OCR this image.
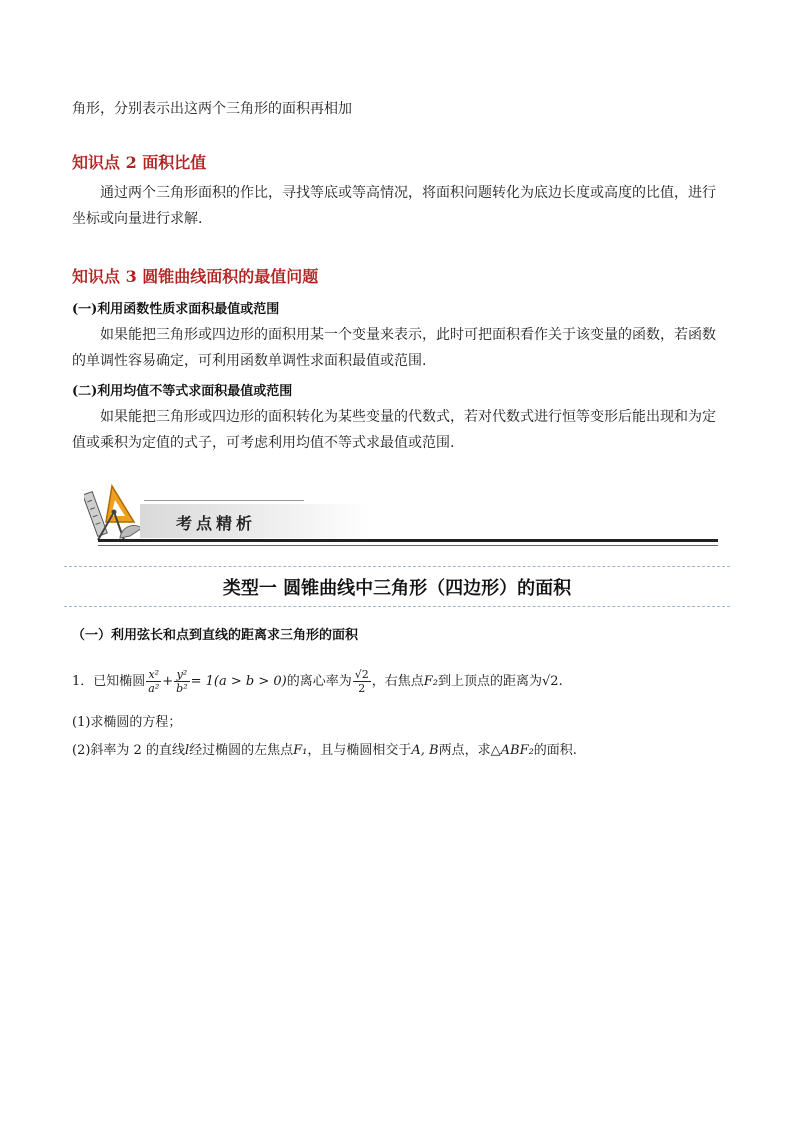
角形，分别表示出这两个三角形的面积再相加
知识点 2 面积比值
通过两个三角形面积的作比，寻找等底或等高情况，将面积问题转化为底边长度或高度的比值，进行坐标或向量进行求解.
知识点 3 圆锥曲线面积的最值问题
(一)利用函数性质求面积最值或范围
如果能把三角形或四边形的面积用某一个变量来表示，此时可把面积看作关于该变量的函数，若函数的单调性容易确定，可利用函数单调性求面积最值或范围.
(二)利用均值不等式求面积最值或范围
如果能把三角形或四边形的面积转化为某些变量的代数式，若对代数式进行恒等变形后能出现和为定值或乘积为定值的式子，可考虑利用均值不等式求最值或范围.
考点精析
类型一 圆锥曲线中三角形（四边形）的面积
（一）利用弦长和点到直线的距离求三角形的面积
1．已知椭圆 $\frac{\text{x²}}{\text{a²}} + \frac{\text{y²}}{\text{b²}} = 1(a > b > 0)$的离心率为 $\frac{√2}{2}$ ，右焦点F₂到上顶点的距离为√2.
(1)求椭圆的方程；
(2)斜率为 2 的直线l经过椭圆的左焦点F₁，且与椭圆相交于A, B两点，求△ABF₂的面积.
